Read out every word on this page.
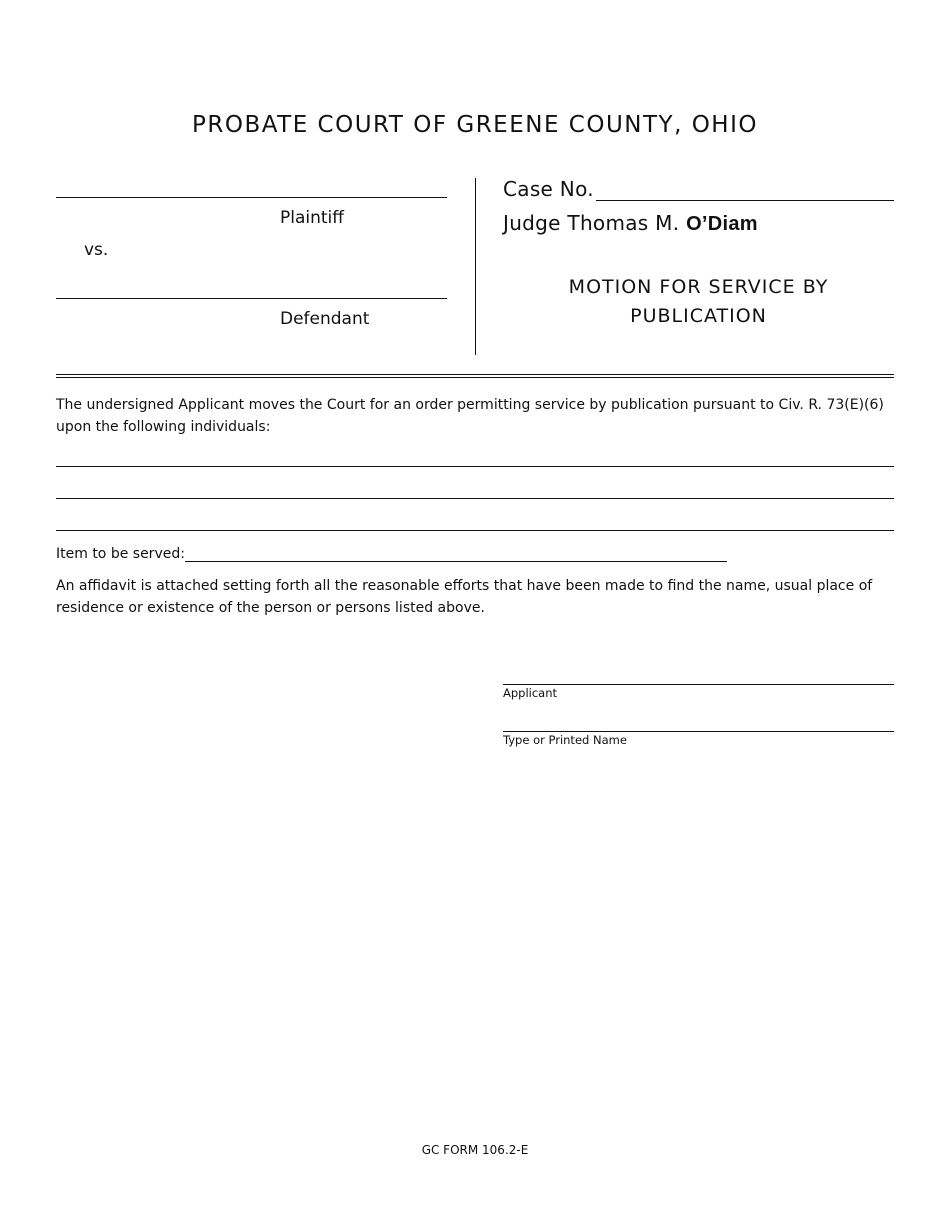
PROBATE COURT OF GREENE COUNTY, OHIO
Plaintiff
vs.
Defendant
Case No.
Judge Thomas M. O’Diam
MOTION FOR SERVICE BY PUBLICATION
The undersigned Applicant moves the Court for an order permitting service by publication pursuant to Civ. R. 73(E)(6) upon the following individuals:
Item to be served:
An affidavit is attached setting forth all the reasonable efforts that have been made to find the name, usual place of residence or existence of the person or persons listed above.
Applicant
Type or Printed Name
GC FORM 106.2-E
